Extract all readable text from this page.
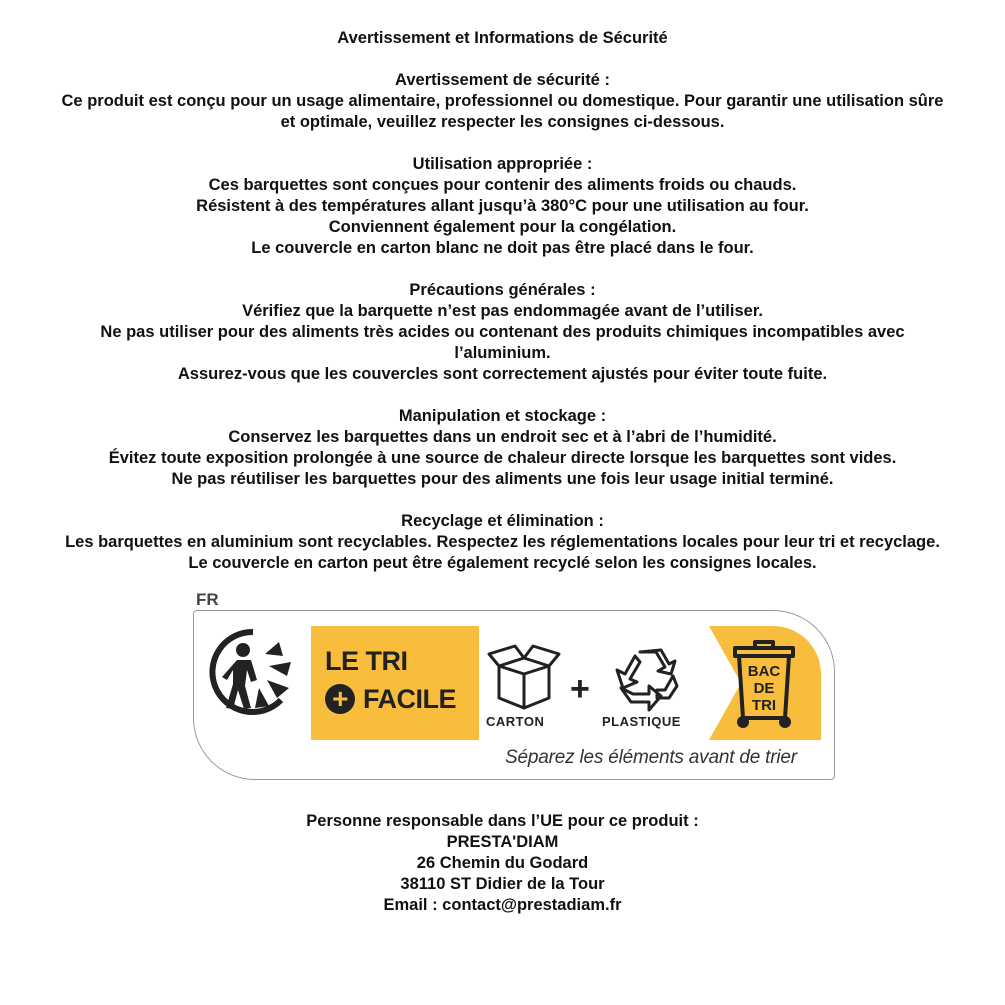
Avertissement et Informations de Sécurité
Avertissement de sécurité :
Ce produit est conçu pour un usage alimentaire, professionnel ou domestique. Pour garantir une utilisation sûre
et optimale, veuillez respecter les consignes ci-dessous.
Utilisation appropriée :
Ces barquettes sont conçues pour contenir des aliments froids ou chauds.
Résistent à des températures allant jusqu’à 380°C pour une utilisation au four.
Conviennent également pour la congélation.
Le couvercle en carton blanc ne doit pas être placé dans le four.
Précautions générales :
Vérifiez que la barquette n’est pas endommagée avant de l’utiliser.
Ne pas utiliser pour des aliments très acides ou contenant des produits chimiques incompatibles avec
l’aluminium.
Assurez-vous que les couvercles sont correctement ajustés pour éviter toute fuite.
Manipulation et stockage :
Conservez les barquettes dans un endroit sec et à l’abri de l’humidité.
Évitez toute exposition prolongée à une source de chaleur directe lorsque les barquettes sont vides.
Ne pas réutiliser les barquettes pour des aliments une fois leur usage initial terminé.
Recyclage et élimination :
Les barquettes en aluminium sont recyclables. Respectez les réglementations locales pour leur tri et recyclage.
Le couvercle en carton peut être également recyclé selon les consignes locales.
FR
LE TRI
+ FACILE
CARTON
+
PLASTIQUE
BAC
DE
TRI
Séparez les éléments avant de trier
Personne responsable dans l’UE pour ce produit :
PRESTA'DIAM
26 Chemin du Godard
38110 ST Didier de la Tour
Email : contact@prestadiam.fr
